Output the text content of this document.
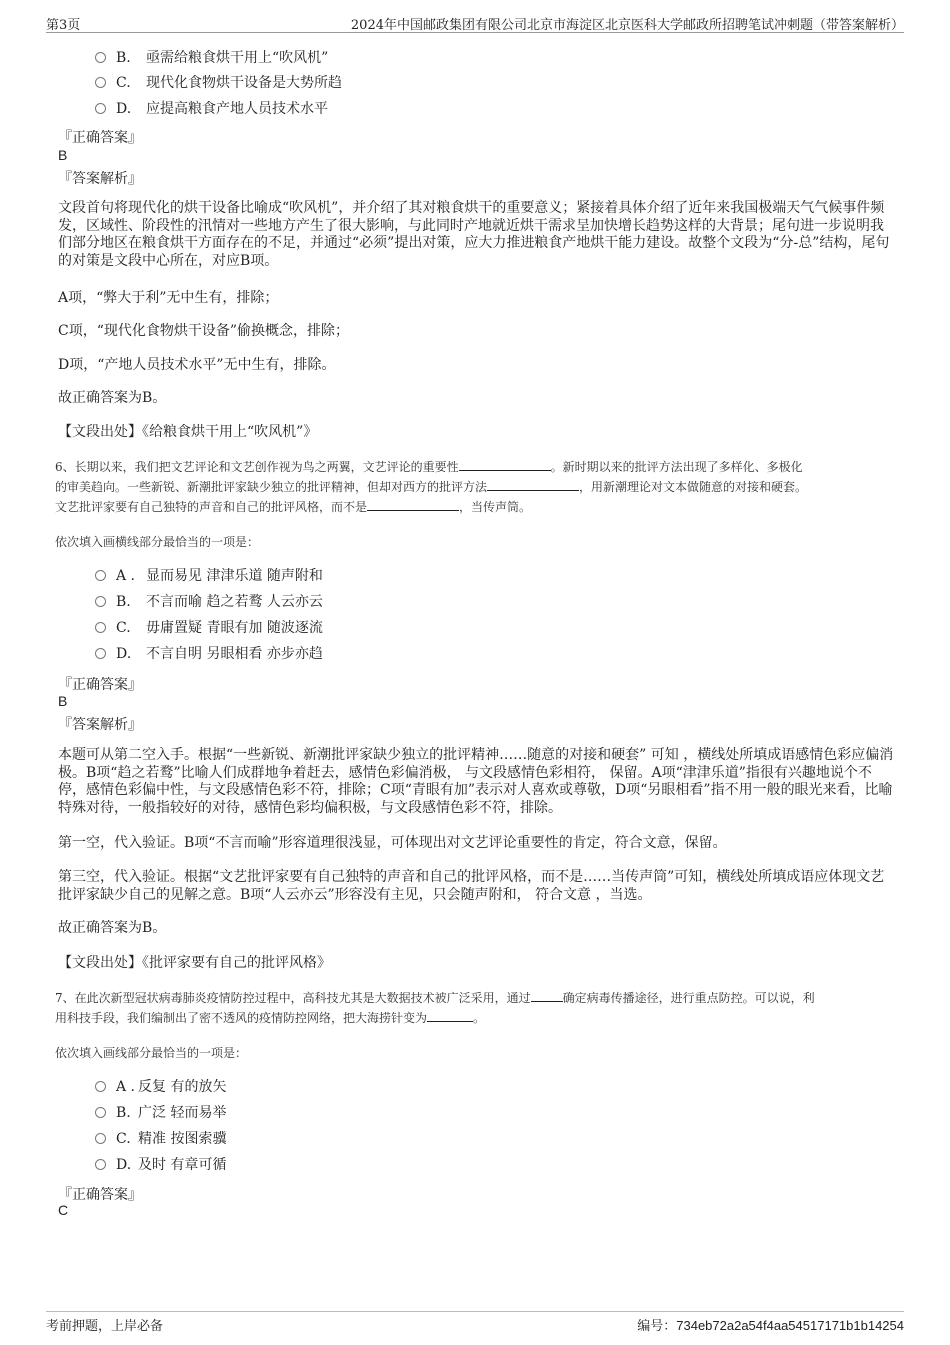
第3页	2024年中国邮政集团有限公司北京市海淀区北京医科大学邮政所招聘笔试冲刺题（带答案解析）
B. 亟需给粮食烘干用上“吹风机”
C. 现代化食物烘干设备是大势所趋
D. 应提高粮食产地人员技术水平
『正确答案』
B
『答案解析』
文段首句将现代化的烘干设备比喻成“吹风机”，并介绍了其对粮食烘干的重要意义；紧接着具体介绍了近年来我国极端天气气候事件频发，区域性、阶段性的汛情对一些地方产生了很大影响，与此同时产地就近烘干需求呈加快增长趋势这样的大背景；尾句进一步说明我们部分地区在粮食烘干方面存在的不足，并通过“必须”提出对策，应大力推进粮食产地烘干能力建设。故整个文段为“分-总”结构，尾句的对策是文段中心所在，对应B项。
A项，“弊大于利”无中生有，排除；
C项，“现代化食物烘干设备”偷换概念，排除；
D项，“产地人员技术水平”无中生有，排除。
故正确答案为B。
【文段出处】《给粮食烘干用上“吹风机”》
6、长期以来，我们把文艺评论和文艺创作视为鸟之两翼，文艺评论的重要性	。新时期以来的批评方法出现了多样化、多极化
的审美趋向。一些新锐、新潮批评家缺少独立的批评精神，但却对西方的批评方法	，用新潮理论对文本做随意的对接和硬套。
文艺批评家要有自己独特的声音和自己的批评风格，而不是	，当传声筒。
依次填入画横线部分最恰当的一项是：
A . 显而易见 津津乐道 随声附和
B. 不言而喻 趋之若鹜 人云亦云
C. 毋庸置疑 青眼有加 随波逐流
D. 不言自明 另眼相看 亦步亦趋
『正确答案』
B
『答案解析』
本题可从第二空入手。根据“一些新锐、新潮批评家缺少独立的批评精神……随意的对接和硬套” 可知 ，横线处所填成语感情色彩应偏消极。B项“趋之若鹜”比喻人们成群地争着赶去，感情色彩偏消极， 与文段感情色彩相符， 保留。A项“津津乐道”指很有兴趣地说个不停，感情色彩偏中性，与文段感情色彩不符，排除；C项“青眼有加”表示对人喜欢或尊敬，D项“另眼相看”指不用一般的眼光来看，比喻特殊对待，一般指较好的对待，感情色彩均偏积极，与文段感情色彩不符，排除。
第一空，代入验证。B项“不言而喻”形容道理很浅显，可体现出对文艺评论重要性的肯定，符合文意，保留。
第三空，代入验证。根据“文艺批评家要有自己独特的声音和自己的批评风格，而不是……当传声筒”可知，横线处所填成语应体现文艺批评家缺少自己的见解之意。B项“人云亦云”形容没有主见，只会随声附和， 符合文意 ，当选。
故正确答案为B。
【文段出处】《批评家要有自己的批评风格》
7、在此次新型冠状病毒肺炎疫情防控过程中，高科技尤其是大数据技术被广泛采用，通过	确定病毒传播途径，进行重点防控。可以说，利
用科技手段，我们编制出了密不透风的疫情防控网络，把大海捞针变为	。
依次填入画线部分最恰当的一项是：
A . 反复 有的放矢
B. 广泛 轻而易举
C. 精准 按图索骥
D. 及时 有章可循
『正确答案』
C
考前押题，上岸必备	编号：734eb72a2a54f4aa54517171b1b14254
